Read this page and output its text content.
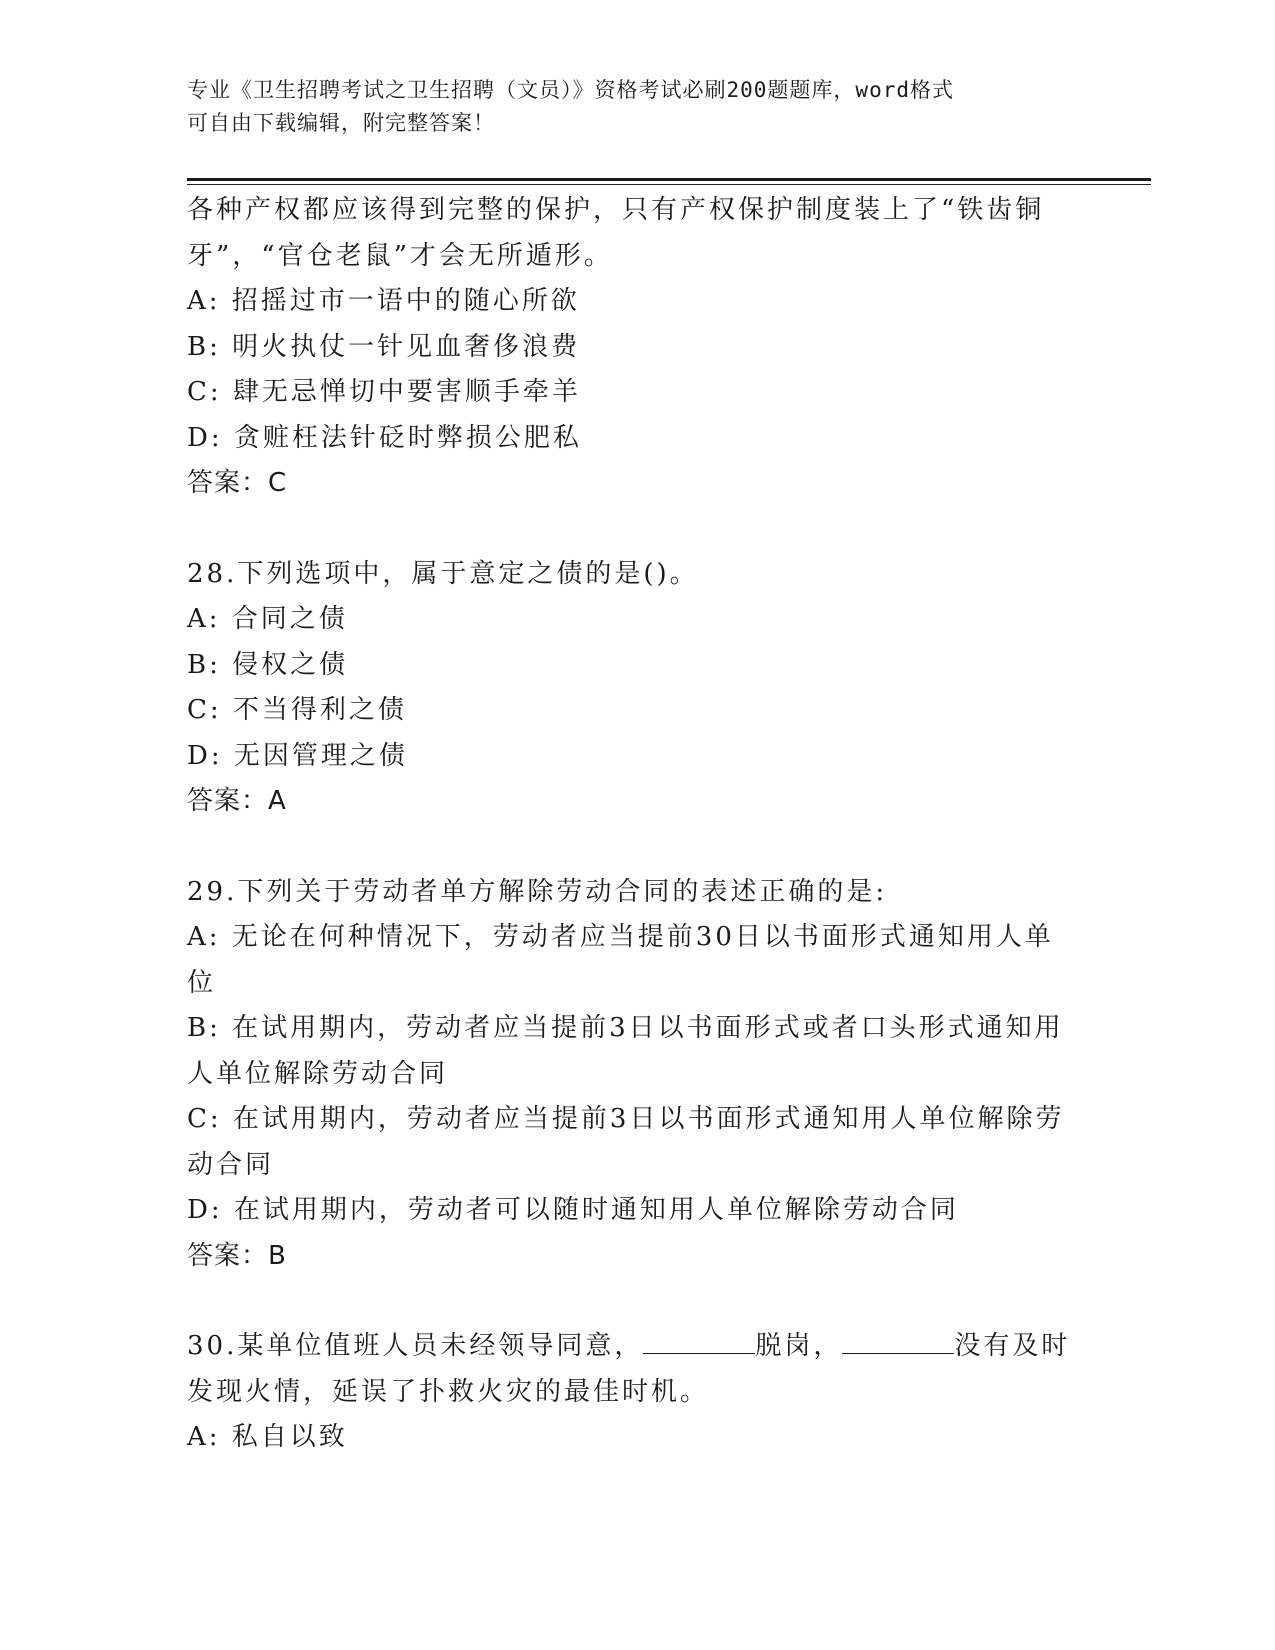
专业《卫生招聘考试之卫生招聘（文员）》资格考试必刷200题题库，word格式
可自由下载编辑，附完整答案！
各种产权都应该得到完整的保护，只有产权保护制度装上了“铁齿铜
牙”，“官仓老鼠”才会无所遁形。
A: 招摇过市一语中的随心所欲
B: 明火执仗一针见血奢侈浪费
C: 肆无忌惮切中要害顺手牵羊
D: 贪赃枉法针砭时弊损公肥私
答案：C
28.下列选项中，属于意定之债的是()。
A: 合同之债
B: 侵权之债
C: 不当得利之债
D: 无因管理之债
答案：A
29.下列关于劳动者单方解除劳动合同的表述正确的是:
A: 无论在何种情况下，劳动者应当提前30日以书面形式通知用人单
位
B: 在试用期内，劳动者应当提前3日以书面形式或者口头形式通知用
人单位解除劳动合同
C: 在试用期内，劳动者应当提前3日以书面形式通知用人单位解除劳
动合同
D: 在试用期内，劳动者可以随时通知用人单位解除劳动合同
答案：B
30.某单位值班人员未经领导同意，	脱岗，	没有及时
发现火情，延误了扑救火灾的最佳时机。
A: 私自以致
